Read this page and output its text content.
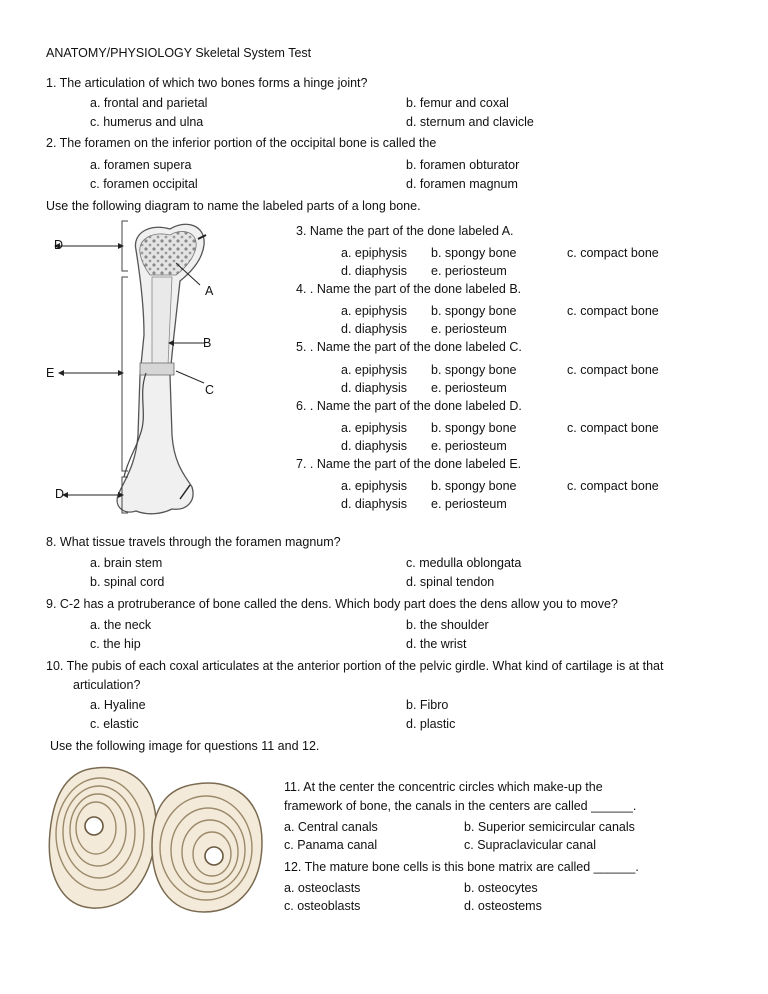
ANATOMY/PHYSIOLOGY Skeletal System Test
1. The articulation of which two bones forms a hinge joint?
a. frontal and parietal	b. femur and coxal
c. humerus and ulna	d. sternum and clavicle
2. The foramen on the inferior portion of the occipital bone is called the
a. foramen supera	b. foramen obturator
c. foramen occipital	d. foramen magnum
Use the following diagram to name the labeled parts of a long bone.
D
A
B
E
C
D
3. Name the part of the done labeled A.
a. epiphysis b. spongy bone	c. compact bone
d. diaphysis e. periosteum
4. . Name the part of the done labeled B.
a. epiphysis b. spongy bone	c. compact bone
d. diaphysis e. periosteum
5. . Name the part of the done labeled C.
a. epiphysis b. spongy bone	c. compact bone
d. diaphysis e. periosteum
6. . Name the part of the done labeled D.
a. epiphysis b. spongy bone	c. compact bone
d. diaphysis e. periosteum
7. . Name the part of the done labeled E.
a. epiphysis b. spongy bone	c. compact bone
d. diaphysis e. periosteum
8. What tissue travels through the foramen magnum?
a. brain stem	c. medulla oblongata
b. spinal cord	d. spinal tendon
9. C-2 has a protruberance of bone called the dens. Which body part does the dens allow you to move?
a. the neck	b. the shoulder
c. the hip	d. the wrist
10. The pubis of each coxal articulates at the anterior portion of the pelvic girdle. What kind of cartilage is at that
articulation?
a. Hyaline	b. Fibro
c. elastic	d. plastic
Use the following image for questions 11 and 12.
11. At the center the concentric circles which make-up the
framework of bone, the canals in the centers are called ______.
a. Central canals	b. Superior semicircular canals
c. Panama canal	c. Supraclavicular canal
12. The mature bone cells is this bone matrix are called ______.
a. osteoclasts	b. osteocytes
c. osteoblasts	d. osteostems
